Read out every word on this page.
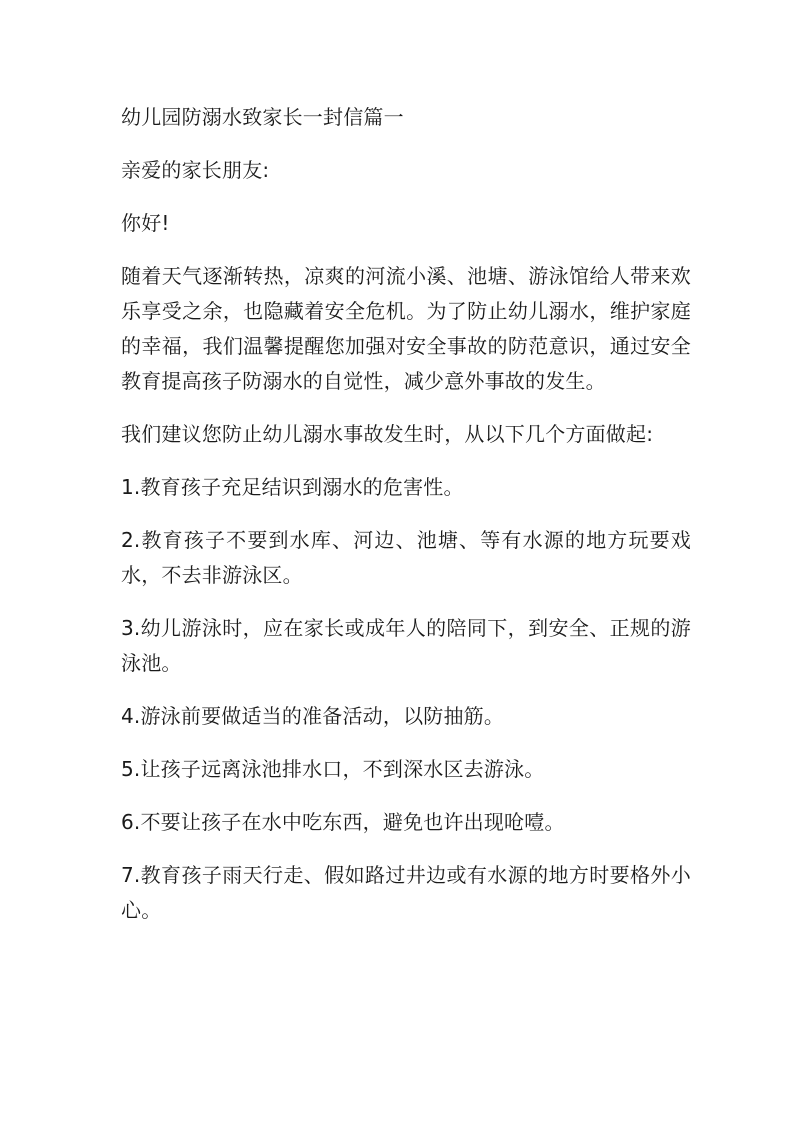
幼儿园防溺水致家长一封信篇一

亲爱的家长朋友:

你好!

随着天气逐渐转热，凉爽的河流小溪、池塘、游泳馆给人带来欢乐享受之余，也隐藏着安全危机。为了防止幼儿溺水，维护家庭的幸福，我们温馨提醒您加强对安全事故的防范意识，通过安全教育提高孩子防溺水的自觉性，减少意外事故的发生。

我们建议您防止幼儿溺水事故发生时，从以下几个方面做起:

1.教育孩子充足结识到溺水的危害性。

2.教育孩子不要到水库、河边、池塘、等有水源的地方玩要戏水，不去非游泳区。

3.幼儿游泳时，应在家长或成年人的陪同下，到安全、正规的游泳池。

4.游泳前要做适当的准备活动，以防抽筋。

5.让孩子远离泳池排水口，不到深水区去游泳。

6.不要让孩子在水中吃东西，避免也许出现呛噎。

7.教育孩子雨天行走、假如路过井边或有水源的地方时要格外小心。
